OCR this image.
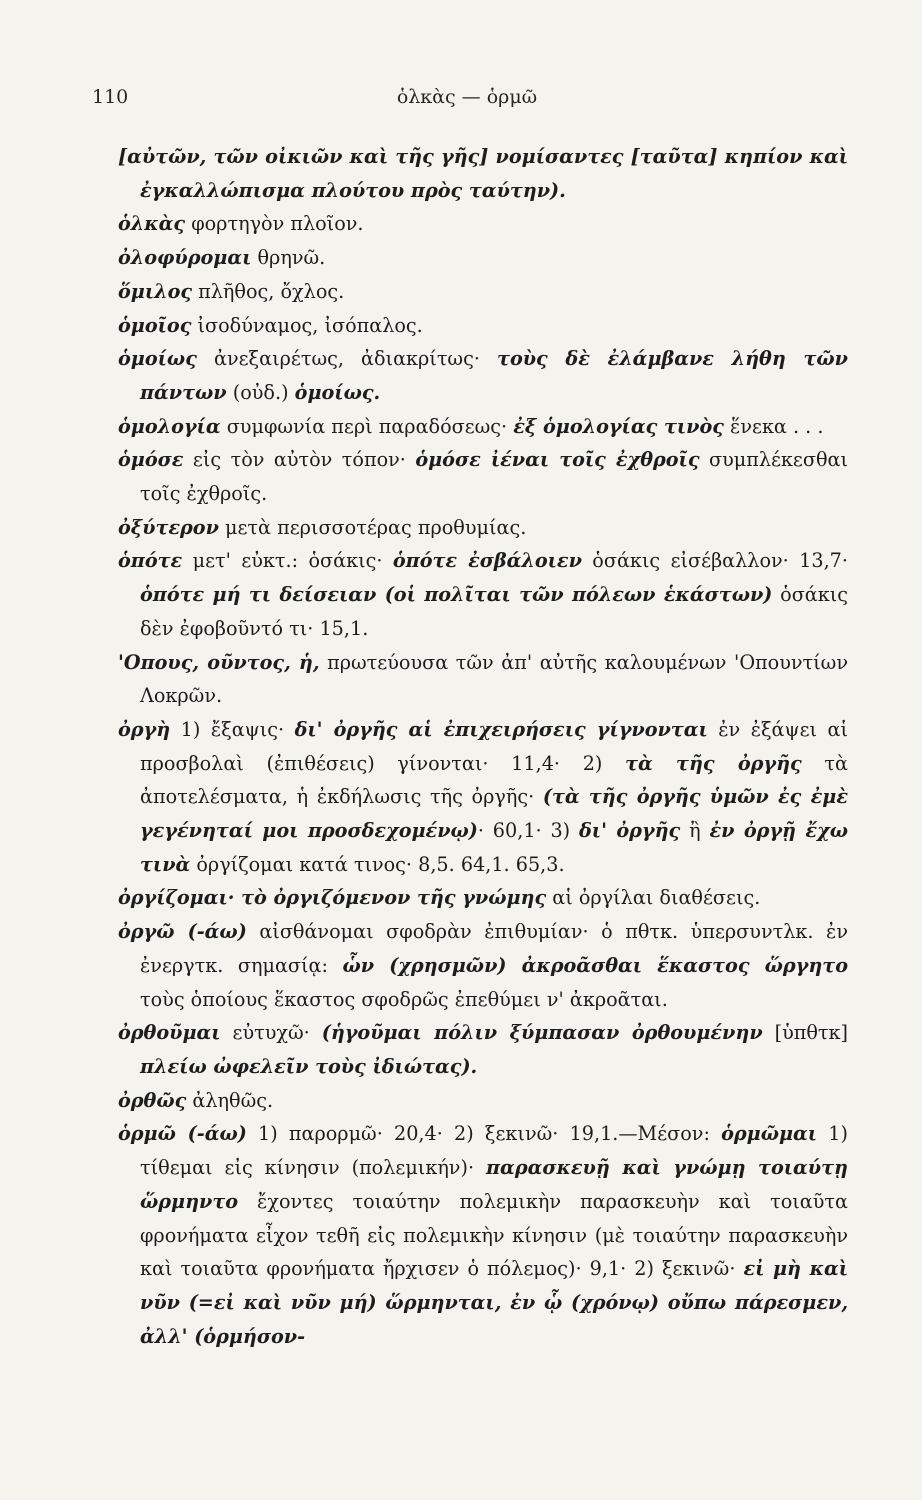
110	ὁλκὰς — ὁρμῶ
[αὐτῶν, τῶν οἰκιῶν καὶ τῆς γῆς] νομίσαντες [ταῦτα] κηπίον καὶ ἐγκαλλώπισμα πλούτου πρὸς ταύτην).
ὁλκὰς φορτηγὸν πλοῖον.
ὀλοφύρομαι θρηνῶ.
ὅμιλος πλῆθος, ὄχλος.
ὁμοῖος ἰσοδύναμος, ἰσόπαλος.
ὁμοίως ἀνεξαιρέτως, ἀδιακρίτως· τοὺς δὲ ἐλάμβανε λήθη τῶν πάντων (οὐδ.) ὁμοίως.
ὁμολογία συμφωνία περὶ παραδόσεως· ἐξ ὁμολογίας τινὸς ἕνεκα . . .
ὁμόσε εἰς τὸν αὐτὸν τόπον· ὁμόσε ἰέναι τοῖς ἐχθροῖς συμπλέκεσθαι τοῖς ἐχθροῖς.
ὀξύτερον μετὰ περισσοτέρας προθυμίας.
ὁπότε μετ' εὐκτ.: ὁσάκις· ὁπότε ἐσβάλοιεν ὁσάκις εἰσέβαλλον· 13,7· ὁπότε μή τι δείσειαν (οἱ πολῖται τῶν πόλεων ἑκάστων) ὁσάκις δὲν ἐφοβοῦντό τι· 15,1.
'Οπους, οῦντος, ἡ, πρωτεύουσα τῶν ἀπ' αὐτῆς καλουμένων 'Οπουντίων Λοκρῶν.
ὀργὴ 1) ἔξαψις· δι' ὀργῆς αἱ ἐπιχειρήσεις γίγνονται ἐν ἐξάψει αἱ προσβολαὶ (ἐπιθέσεις) γίνονται· 11,4· 2) τὰ τῆς ὀργῆς τὰ ἀποτελέσματα, ἡ ἐκδήλωσις τῆς ὀργῆς· (τὰ τῆς ὀργῆς ὑμῶν ἐς ἐμὲ γεγένηταί μοι προσδεχομένῳ)· 60,1· 3) δι' ὀργῆς ἢ ἐν ὀργῇ ἔχω τινὰ ὀργίζομαι κατά τινος· 8,5. 64,1. 65,3.
ὀργίζομαι· τὸ ὀργιζόμενον τῆς γνώμης αἱ ὀργίλαι διαθέσεις.
ὀργῶ (-άω) αἰσθάνομαι σφοδρὰν ἐπιθυμίαν· ὁ πθτκ. ὑπερσυντλκ. ἐν ἐνεργτκ. σημασίᾳ: ὧν (χρησμῶν) ἀκροᾶσθαι ἕκαστος ὥργητο τοὺς ὁποίους ἕκαστος σφοδρῶς ἐπεθύμει ν' ἀκροᾶται.
ὀρθοῦμαι εὐτυχῶ· (ἡγοῦμαι πόλιν ξύμπασαν ὀρθουμένην [ὑπθτκ] πλείω ὠφελεῖν τοὺς ἰδιώτας).
ὀρθῶς ἀληθῶς.
ὁρμῶ (-άω) 1) παρορμῶ· 20,4· 2) ξεκινῶ· 19,1.—Μέσον: ὁρμῶμαι 1) τίθεμαι εἰς κίνησιν (πολεμικήν)· παρασκευῇ καὶ γνώμῃ τοιαύτῃ ὥρμηντο ἔχοντες τοιαύτην πολεμικὴν παρασκευὴν καὶ τοιαῦτα φρονήματα εἶχον τεθῆ εἰς πολεμικὴν κίνησιν (μὲ τοιαύτην παρασκευὴν καὶ τοιαῦτα φρονήματα ἤρχισεν ὁ πόλεμος)· 9,1· 2) ξεκινῶ· εἰ μὴ καὶ νῦν (=εἰ καὶ νῦν μή) ὥρμηνται, ἐν ᾧ (χρόνῳ) οὔπω πάρεσμεν, ἀλλ' (ὁρμήσον-
